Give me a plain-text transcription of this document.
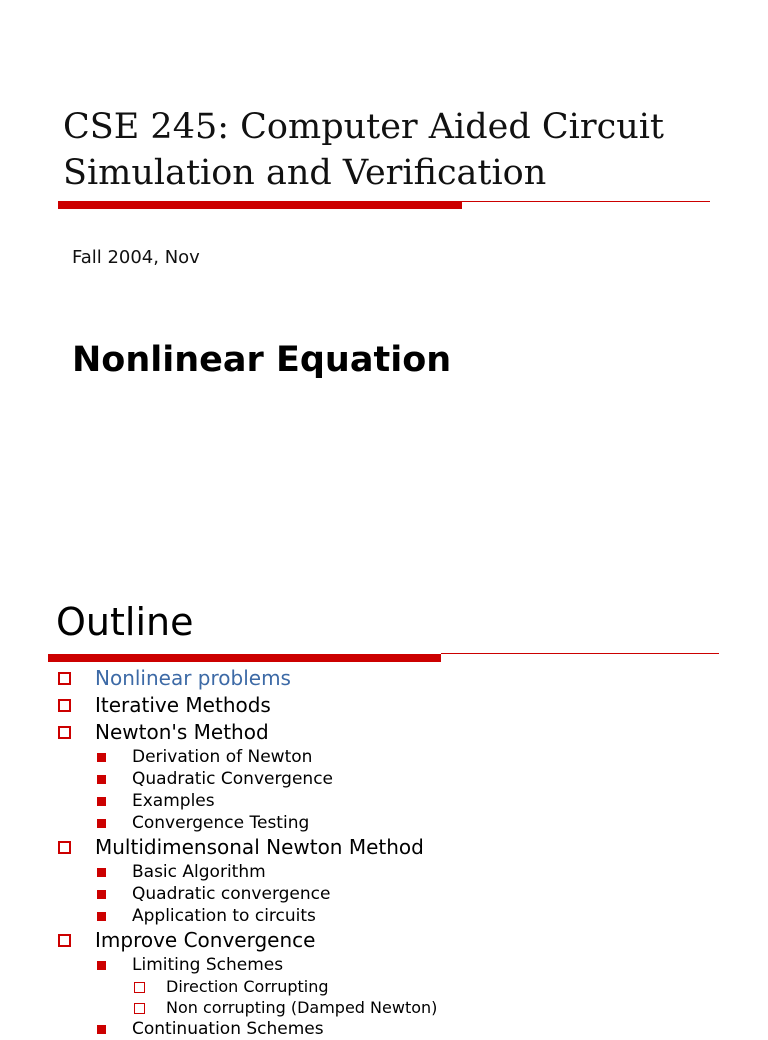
CSE 245: Computer Aided Circuit
Simulation and Verification
Fall 2004, Nov
Nonlinear Equation
Outline
Nonlinear problems
Iterative Methods
Newton's Method
Derivation of Newton
Quadratic Convergence
Examples
Convergence Testing
Multidimensonal Newton Method
Basic Algorithm
Quadratic convergence
Application to circuits
Improve Convergence
Limiting Schemes
Direction Corrupting
Non corrupting (Damped Newton)
Continuation Schemes
